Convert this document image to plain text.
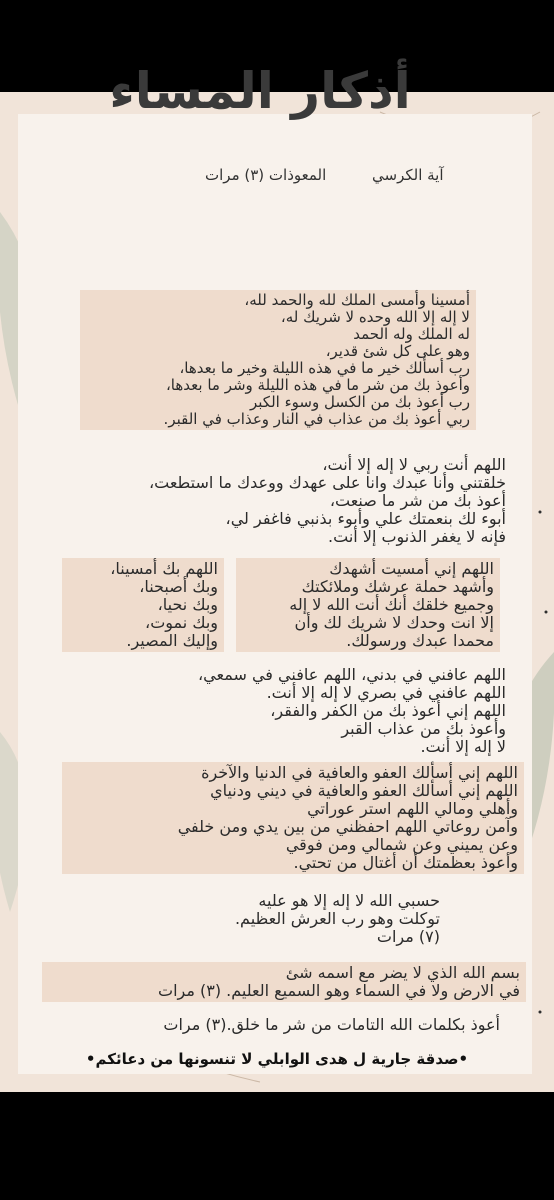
أذكار المساء
آية الكرسي
المعوذات (٣) مرات
أمسينا وأمسى الملك لله والحمد لله،
لا إله إلا الله وحده لا شريك له،
له الملك وله الحمد
وهو على كل شئ قدير،
رب أسألك خير ما في هذه الليلة وخير ما بعدها،
وأعوذ بك من شر ما في هذه الليلة وشر ما بعدها،
رب أعوذ بك من الكسل وسوء الكبر
ربي أعوذ بك من عذاب في النار وعذاب في القبر.
اللهم أنت ربي لا إله إلا أنت،
خلقتني وأنا عبدك وانا على عهدك ووعدك ما استطعت،
أعوذ بك من شر ما صنعت،
أبوء لك بنعمتك علي وأبوء بذنبي فاغفر لي،
فإنه لا يغفر الذنوب إلا أنت.
اللهم إني أمسيت أشهدك
وأشهد حملة عرشك وملائكتك
وجميع خلقك أنك أنت الله لا إله
إلا انت وحدك لا شريك لك وأن
محمدا عبدك ورسولك.
اللهم بك أمسينا،
وبك أصبحنا،
وبك نحيا،
وبك نموت،
وإليك المصير.
اللهم عافني في بدني، اللهم عافني في سمعي،
اللهم عافني في بصري لا إله إلا أنت.
اللهم إني أعوذ بك من الكفر والفقر،
وأعوذ بك من عذاب القبر
لا إله إلا أنت.
اللهم إني أسألك العفو والعافية في الدنيا والآخرة
اللهم إني أسألك العفو والعافية في ديني ودنياي
وأهلي ومالي اللهم استر عوراتي
وآمن روعاتي اللهم احفظني من بين يدي ومن خلفي
وعن يميني وعن شمالي ومن فوقي
وأعوذ بعظمتك أن أغتال من تحتي.
حسبي الله لا إله إلا هو عليه
توكلت وهو رب العرش العظيم.
(٧) مرات
بسم الله الذي لا يضر مع اسمه شئ
في الارض ولا في السماء وهو السميع العليم. (٣) مرات
أعوذ بكلمات الله التامات من شر ما خلق.(٣) مرات
•صدقة جارية ل هدى الوابلي لا تنسونها من دعائكم•
